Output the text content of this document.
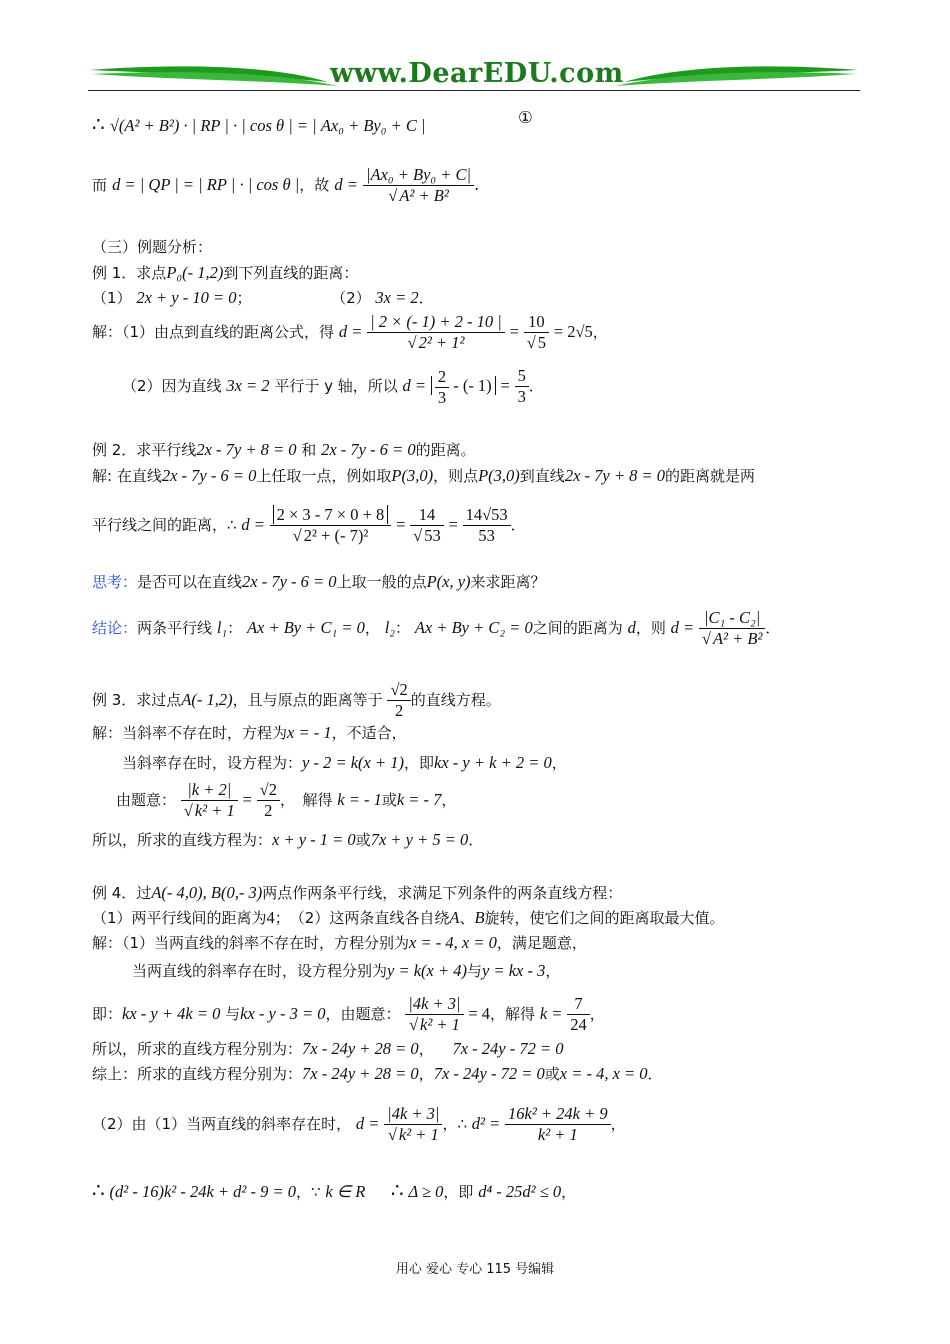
www.DearEDU.com
∴ √(A² + B²) · | RP | · | cos θ | = | Ax₀ + By₀ + C |	①
而 d = | QP | = | RP | · | cos θ |，故 $d = \frac{\text{|Ax₀ + By₀ + C|}}{\text{√ A² + B²}}$ .
（三）例题分析：
例 1．求点P₀(- 1,2)到下列直线的距离：
（1） 2x + y - 10 = 0；	（2） 3x = 2．
解：（1）由点到直线的距离公式，得 $d = \frac{| 2 \times (- 1) + 2 - 10 |}{\text{√ 2² + 1²}} = \frac{10}{√ 5} = 2√5$，
（2）因为直线 3x = 2 平行于 y 轴，所以 $d = \frac{2}{3}$ - (- $1) = \frac{5}{3}$ ．
例 2．求平行线2x - 7y + 8 = 0 和 2x - 7y - 6 = 0的距离。
解: 在直线2x - 7y - 6 = 0上任取一点，例如取P(3,0)，则点P(3,0)到直线2x - 7y + 8 = 0的距离就是两
平行线之间的距离，∴ $d = \frac{2 \times 3 - 7 \times 0 + 8}{\text{√ 2² + (- 7)²}} = \frac{14}{√ 53} = \frac{14√53}{53}$ ．
思考：是否可以在直线2x - 7y - 6 = 0上取一般的点P(x, y)来求距离？
结论：两条平行线 l₁： Ax + By + C₁ = 0， l₂： Ax + By + C₂ = 0之间的距离为 d，则 $d = \frac{\text{|C₁ - C₂|}}{\text{√ A² + B²}}$ ．
例 3．求过点A(- 1,2)，且与原点的距离等于 $\frac{√2}{2}$ 的直线方程。
解：当斜率不存在时，方程为x = - 1，不适合，
当斜率存在时，设方程为：y - 2 = k(x + 1)，即kx - y + k + 2 = 0，
由题意： $\frac{|k + 2|}{\text{√ k² + 1}} = \frac{√2}{2}$ ，　解得 k = - 1或k = - 7，
所以，所求的直线方程为：x + y - 1 = 0或7x + y + 5 = 0．
例 4．过A(- 4,0), B(0,- 3)两点作两条平行线，求满足下列条件的两条直线方程：
（1）两平行线间的距离为4；　（2）这两条直线各自绕A、B旋转，使它们之间的距离取最大值。
解：（1）当两直线的斜率不存在时，方程分别为x = - 4, x = 0，满足题意，
当两直线的斜率存在时，设方程分别为y = k(x + 4)与y = kx - 3，
即：kx - y + 4k = 0 与kx - y - 3 = 0，由题意： $\frac{|4k + 3|}{\text{√ k² + 1}} = 4$，解得 $k = \frac{7}{24}$ ，
所以，所求的直线方程分别为：7x - 24y + 28 = 0， 7x - 24y - 72 = 0
综上：所求的直线方程分别为：7x - 24y + 28 = 0，7x - 24y - 72 = 0或x = - 4, x = 0．
（2）由（1）当两直线的斜率存在时， $d = \frac{|4k + 3|}{\text{√ k² + 1}}$ ，∴ $d^2 = \frac{\text{16k² + 24k + 9}}{\text{k² + 1}}$ ，
∴ (d² - 16)k² - 24k + d² - 9 = 0，∵ k ∈ R ∴ Δ ≥ 0，即 d⁴ - 25d² ≤ 0，
用心 爱心 专心 115 号编辑
